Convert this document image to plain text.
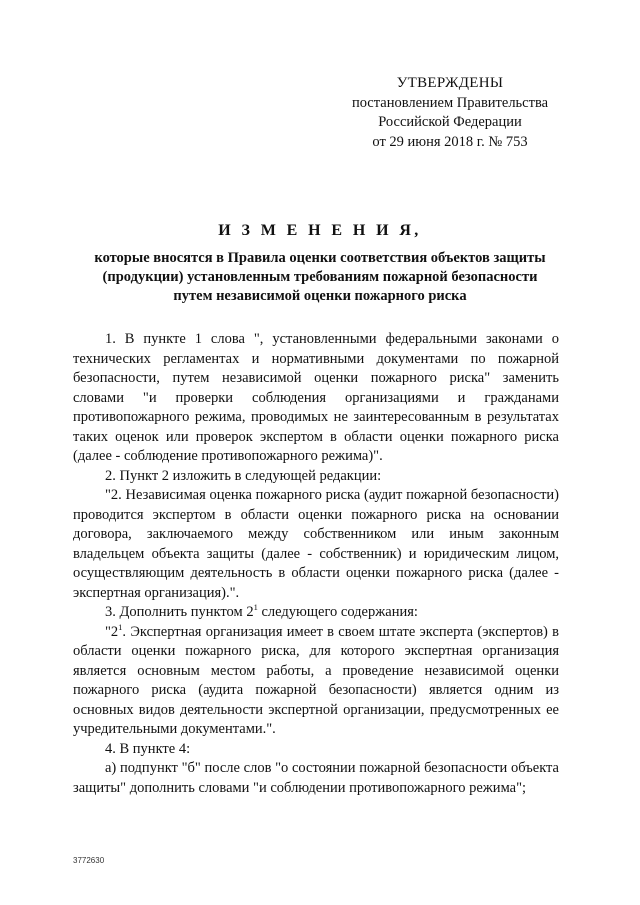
УТВЕРЖДЕНЫ
постановлением Правительства
Российской Федерации
от 29 июня 2018 г. № 753
И З М Е Н Е Н И Я,
которые вносятся в Правила оценки соответствия объектов защиты
(продукции) установленным требованиям пожарной безопасности
путем независимой оценки пожарного риска

1. В пункте 1 слова ", установленными федеральными законами о технических регламентах и нормативными документами по пожарной безопасности, путем независимой оценки пожарного риска" заменить словами "и проверки соблюдения организациями и гражданами противопожарного режима, проводимых не заинтересованным в результатах таких оценок или проверок экспертом в области оценки пожарного риска (далее - соблюдение противопожарного режима)".

2. Пункт 2 изложить в следующей редакции:

"2. Независимая оценка пожарного риска (аудит пожарной безопасности) проводится экспертом в области оценки пожарного риска на основании договора, заключаемого между собственником или иным законным владельцем объекта защиты (далее - собственник) и юридическим лицом, осуществляющим деятельность в области оценки пожарного риска (далее - экспертная организация).".

3. Дополнить пунктом $2^1$ следующего содержания:

"$2^1$. Экспертная организация имеет в своем штате эксперта (экспертов) в области оценки пожарного риска, для которого экспертная организация является основным местом работы, а проведение независимой оценки пожарного риска (аудита пожарной безопасности) является одним из основных видов деятельности экспертной организации, предусмотренных ее учредительными документами.".

4. В пункте 4:

а) подпункт "б" после слов "о состоянии пожарной безопасности объекта защиты" дополнить словами "и соблюдении противопожарного режима";

3772630
